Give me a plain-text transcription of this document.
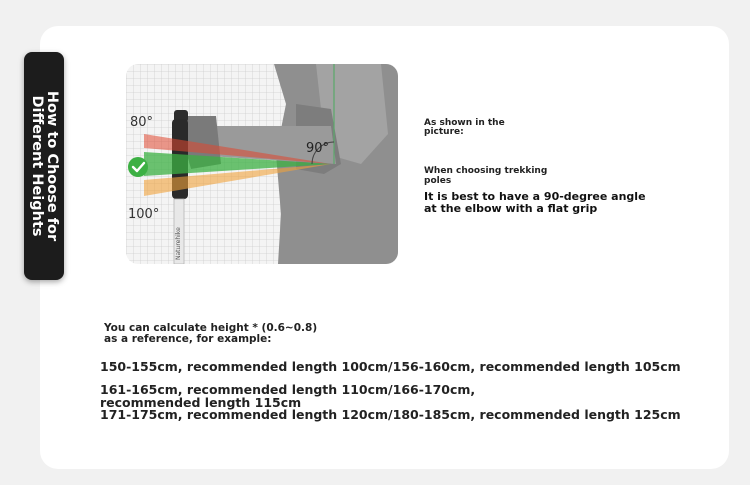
How to Choose for
Different Heights
Naturehike
80°
100°
90°
As shown in the
picture:
When choosing trekking
poles
It is best to have a 90-degree angle
at the elbow with a flat grip
You can calculate height * (0.6~0.8)
as a reference, for example:
150-155cm, recommended length 100cm/156-160cm, recommended length 105cm
161-165cm, recommended length 110cm/166-170cm,
recommended length 115cm
171-175cm, recommended length 120cm/180-185cm, recommended length 125cm
